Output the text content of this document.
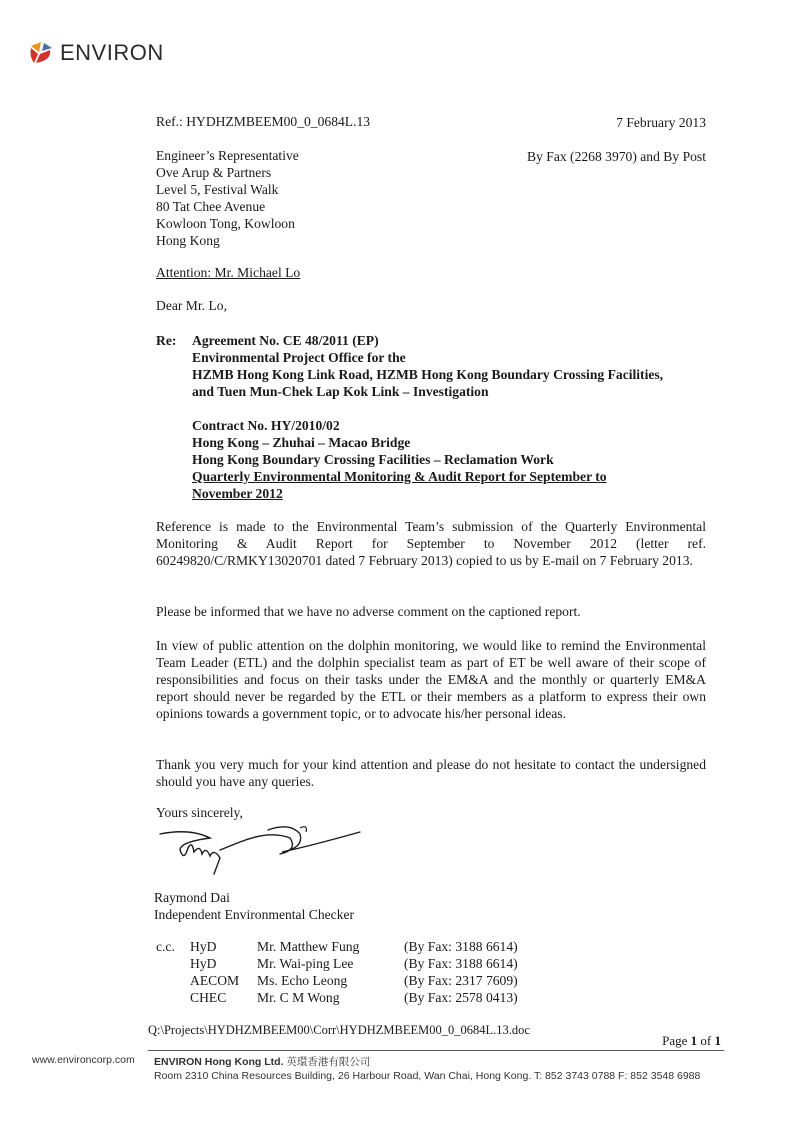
ENVIRON
Ref.: HYDHZMBEEM00_0_0684L.13	7 February 2013
Engineer’s Representative
Ove Arup & Partners
Level 5, Festival Walk
80 Tat Chee Avenue
Kowloon Tong, Kowloon
Hong Kong
By Fax (2268 3970) and By Post
Attention: Mr. Michael Lo
Dear Mr. Lo,
Re: Agreement No. CE 48/2011 (EP)
Environmental Project Office for the
HZMB Hong Kong Link Road, HZMB Hong Kong Boundary Crossing Facilities,
and Tuen Mun-Chek Lap Kok Link – Investigation
Contract No. HY/2010/02
Hong Kong – Zhuhai – Macao Bridge
Hong Kong Boundary Crossing Facilities – Reclamation Work
Quarterly Environmental Monitoring & Audit Report for September to
November 2012
Reference is made to the Environmental Team’s submission of the Quarterly Environmental Monitoring & Audit Report for September to November 2012 (letter ref. 60249820/C/RMKY13020701 dated 7 February 2013) copied to us by E-mail on 7 February 2013.
Please be informed that we have no adverse comment on the captioned report.
In view of public attention on the dolphin monitoring, we would like to remind the Environmental Team Leader (ETL) and the dolphin specialist team as part of ET be well aware of their scope of responsibilities and focus on their tasks under the EM&A and the monthly or quarterly EM&A report should never be regarded by the ETL or their members as a platform to express their own opinions towards a government topic, or to advocate his/her personal ideas.
Thank you very much for your kind attention and please do not hesitate to contact the undersigned should you have any queries.
Yours sincerely,
Raymond Dai
Independent Environmental Checker
c.c. HyD
HyD
AECOM
CHEC
Mr. Matthew Fung
Mr. Wai-ping Lee
Ms. Echo Leong
Mr. C M Wong
(By Fax: 3188 6614)
(By Fax: 3188 6614)
(By Fax: 2317 7609)
(By Fax: 2578 0413)
Q:\Projects\HYDHZMBEEM00\Corr\HYDHZMBEEM00_0_0684L.13.doc
Page 1 of 1
www.environcorp.com ENVIRON Hong Kong Ltd. 英環香港有限公司
Room 2310 China Resources Building, 26 Harbour Road, Wan Chai, Hong Kong. T: 852 3743 0788 F: 852 3548 6988
